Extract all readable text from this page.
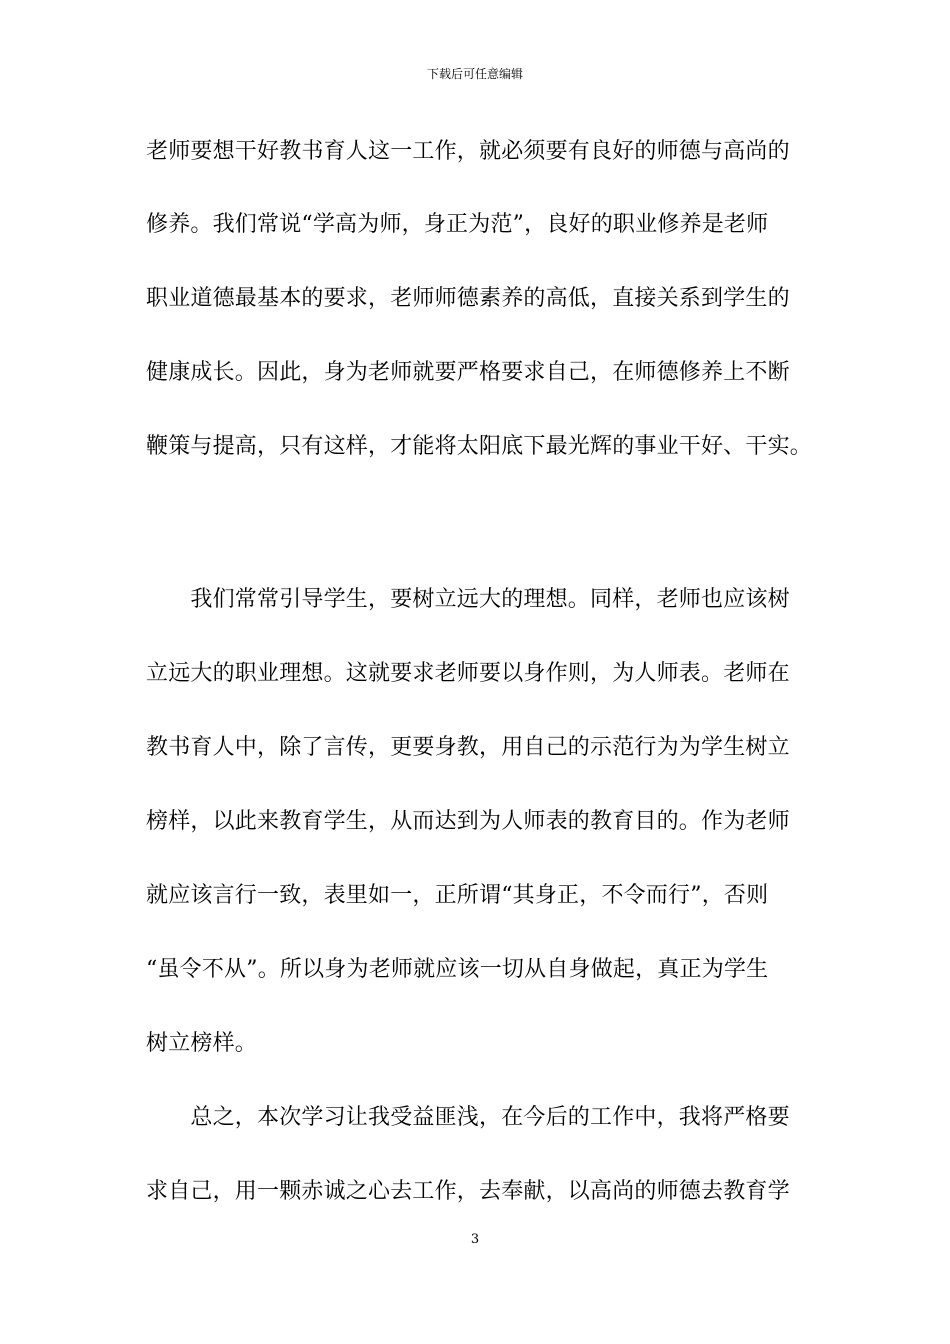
下载后可任意编辑
老师要想干好教书育人这一工作，就必须要有良好的师德与高尚的
修养。我们常说“学高为师，身正为范”，良好的职业修养是老师
职业道德最基本的要求，老师师德素养的高低，直接关系到学生的
健康成长。因此，身为老师就要严格要求自己，在师德修养上不断
鞭策与提高，只有这样，才能将太阳底下最光辉的事业干好、干实。
　　我们常常引导学生，要树立远大的理想。同样，老师也应该树
立远大的职业理想。这就要求老师要以身作则，为人师表。老师在
教书育人中，除了言传，更要身教，用自己的示范行为为学生树立
榜样，以此来教育学生，从而达到为人师表的教育目的。作为老师
就应该言行一致，表里如一，正所谓“其身正，不令而行”，否则
“虽令不从”。所以身为老师就应该一切从自身做起，真正为学生
树立榜样。
　　总之，本次学习让我受益匪浅，在今后的工作中，我将严格要
求自己，用一颗赤诚之心去工作，去奉献，以高尚的师德去教育学
3
